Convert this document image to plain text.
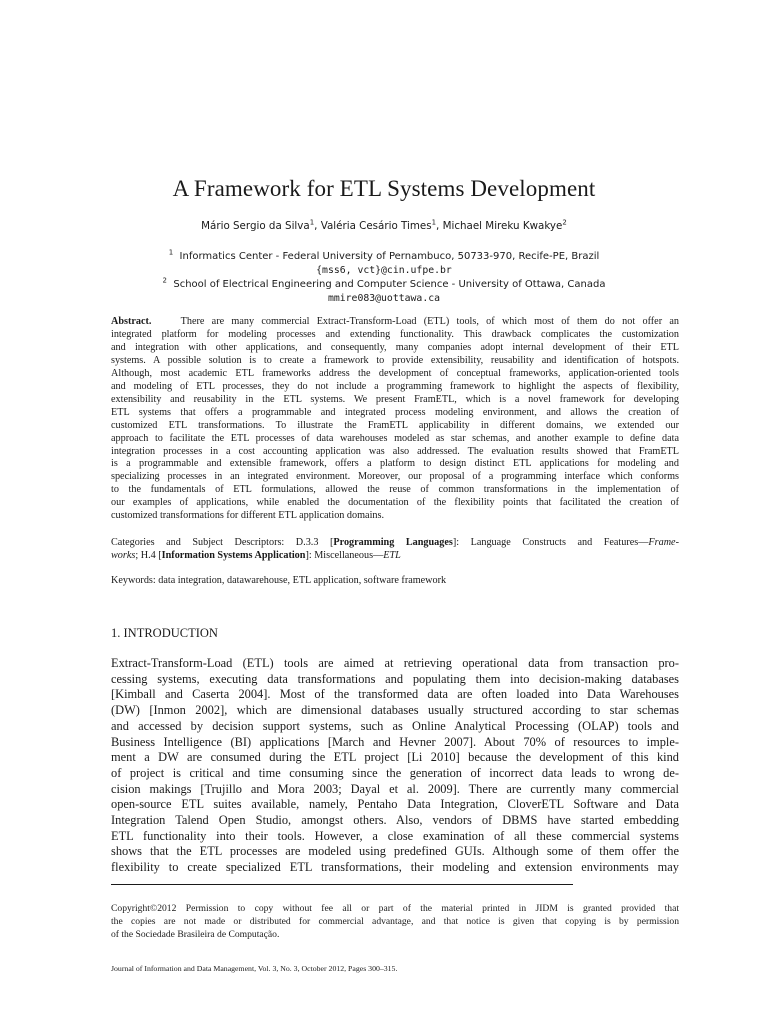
A Framework for ETL Systems Development
Mário Sergio da Silva$^1$, Valéria Cesário Times$^1$, Michael Mireku Kwakye$^2$
$^1$ Informatics Center - Federal University of Pernambuco, 50733-970, Recife-PE, Brazil
{mss6, vct}@cin.ufpe.br
$^2$ School of Electrical Engineering and Computer Science - University of Ottawa, Canada
mmire083@uottawa.ca
Abstract.	There are many commercial Extract-Transform-Load (ETL) tools, of which most of them do not offer an
integrated platform for modeling processes and extending functionality. This drawback complicates the customization
and integration with other applications, and consequently, many companies adopt internal development of their ETL
systems. A possible solution is to create a framework to provide extensibility, reusability and identification of hotspots.
Although, most academic ETL frameworks address the development of conceptual frameworks, application-oriented tools
and modeling of ETL processes, they do not include a programming framework to highlight the aspects of flexibility,
extensibility and reusability in the ETL systems. We present FramETL, which is a novel framework for developing
ETL systems that offers a programmable and integrated process modeling environment, and allows the creation of
customized ETL transformations. To illustrate the FramETL applicability in different domains, we extended our
approach to facilitate the ETL processes of data warehouses modeled as star schemas, and another example to define data
integration processes in a cost accounting application was also addressed. The evaluation results showed that FramETL
is a programmable and extensible framework, offers a platform to design distinct ETL applications for modeling and
specializing processes in an integrated environment. Moreover, our proposal of a programming interface which conforms
to the fundamentals of ETL formulations, allowed the reuse of common transformations in the implementation of
our examples of applications, while enabled the documentation of the flexibility points that facilitated the creation of
customized transformations for different ETL application domains.
Categories and Subject Descriptors: D.3.3 [Programming Languages]: Language Constructs and Features—Frame-
works; H.4 [Information Systems Application]: Miscellaneous—ETL
Keywords: data integration, datawarehouse, ETL application, software framework
1. INTRODUCTION
Extract-Transform-Load (ETL) tools are aimed at retrieving operational data from transaction pro-
cessing systems, executing data transformations and populating them into decision-making databases
[Kimball and Caserta 2004]. Most of the transformed data are often loaded into Data Warehouses
(DW) [Inmon 2002], which are dimensional databases usually structured according to star schemas
and accessed by decision support systems, such as Online Analytical Processing (OLAP) tools and
Business Intelligence (BI) applications [March and Hevner 2007]. About 70% of resources to imple-
ment a DW are consumed during the ETL project [Li 2010] because the development of this kind
of project is critical and time consuming since the generation of incorrect data leads to wrong de-
cision makings [Trujillo and Mora 2003; Dayal et al. 2009]. There are currently many commercial
open-source ETL suites available, namely, Pentaho Data Integration, CloverETL Software and Data
Integration Talend Open Studio, amongst others. Also, vendors of DBMS have started embedding
ETL functionality into their tools. However, a close examination of all these commercial systems
shows that the ETL processes are modeled using predefined GUIs. Although some of them offer the
flexibility to create specialized ETL transformations, their modeling and extension environments may
Copyright©2012 Permission to copy without fee all or part of the material printed in JIDM is granted provided that
the copies are not made or distributed for commercial advantage, and that notice is given that copying is by permission
of the Sociedade Brasileira de Computação.
Journal of Information and Data Management, Vol. 3, No. 3, October 2012, Pages 300–315.
